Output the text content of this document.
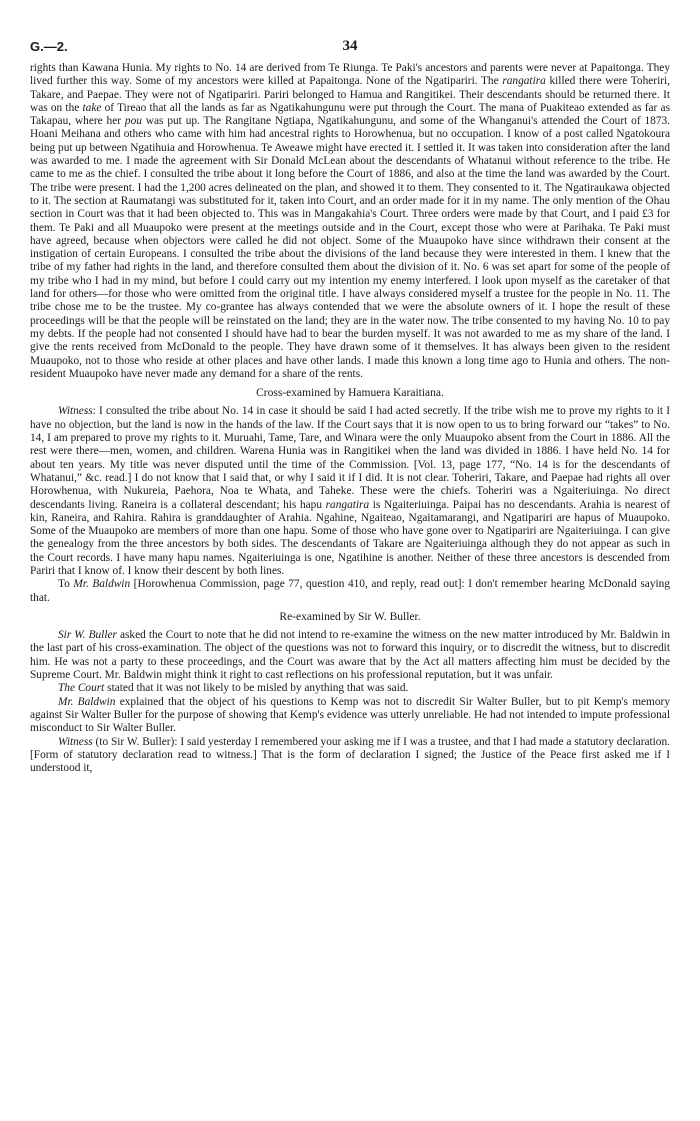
G.—2.	34

rights than Kawana Hunia. My rights to No. 14 are derived from Te Riunga. Te Paki's ancestors and parents were never at Papaitonga. They lived further this way. Some of my ancestors were killed at Papaitonga. None of the Ngatipariri. The rangatira killed there were Toheriri, Takare, and Paepae. They were not of Ngatipariri. Pariri belonged to Hamua and Rangitikei. Their descendants should be returned there. It was on the take of Tireao that all the lands as far as Ngatikahungunu were put through the Court. The mana of Puakiteao extended as far as Takapau, where her pou was put up. The Rangitane Ngtiapa, Ngatikahungunu, and some of the Whanganui's attended the Court of 1873. Hoani Meihana and others who came with him had ancestral rights to Horowhenua, but no occupation. I know of a post called Ngatokoura being put up between Ngatihuia and Horowhenua. Te Aweawe might have erected it. I settled it. It was taken into consideration after the land was awarded to me. I made the agreement with Sir Donald McLean about the descendants of Whatanui without reference to the tribe. He came to me as the chief. I consulted the tribe about it long before the Court of 1886, and also at the time the land was awarded by the Court. The tribe were present. I had the 1,200 acres delineated on the plan, and showed it to them. They consented to it. The Ngatiraukawa objected to it. The section at Raumatangi was substituted for it, taken into Court, and an order made for it in my name. The only mention of the Ohau section in Court was that it had been objected to. This was in Mangakahia's Court. Three orders were made by that Court, and I paid £3 for them. Te Paki and all Muaupoko were present at the meetings outside and in the Court, except those who were at Parihaka. Te Paki must have agreed, because when objectors were called he did not object. Some of the Muaupoko have since withdrawn their consent at the instigation of certain Europeans. I consulted the tribe about the divisions of the land because they were interested in them. I knew that the tribe of my father had rights in the land, and therefore consulted them about the division of it. No. 6 was set apart for some of the people of my tribe who I had in my mind, but before I could carry out my intention my enemy interfered. I look upon myself as the caretaker of that land for others—for those who were omitted from the original title. I have always considered myself a trustee for the people in No. 11. The tribe chose me to be the trustee. My co-grantee has always contended that we were the absolute owners of it. I hope the result of these proceedings will be that the people will be reinstated on the land; they are in the water now. The tribe consented to my having No. 10 to pay my debts. If the people had not consented I should have had to bear the burden myself. It was not awarded to me as my share of the land. I give the rents received from McDonald to the people. They have drawn some of it themselves. It has always been given to the resident Muaupoko, not to those who reside at other places and have other lands. I made this known a long time ago to Hunia and others. The non-resident Muaupoko have never made any demand for a share of the rents.

Cross-examined by Hamuera Karaitiana.

Witness: I consulted the tribe about No. 14 in case it should be said I had acted secretly. If the tribe wish me to prove my rights to it I have no objection, but the land is now in the hands of the law. If the Court says that it is now open to us to bring forward our “takes” to No. 14, I am prepared to prove my rights to it. Muruahi, Tame, Tare, and Winara were the only Muaupoko absent from the Court in 1886. All the rest were there—men, women, and children. Warena Hunia was in Rangitikei when the land was divided in 1886. I have held No. 14 for about ten years. My title was never disputed until the time of the Commission. [Vol. 13, page 177, “No. 14 is for the descendants of Whatanui,” &c. read.] I do not know that I said that, or why I said it if I did. It is not clear. Toheriri, Takare, and Paepae had rights all over Horowhenua, with Nukureia, Paehora, Noa te Whata, and Taheke. These were the chiefs. Toheriri was a Ngaiteriuinga. No direct descendants living. Raneira is a collateral descendant; his hapu rangatira is Ngaiteriuinga. Paipai has no descendants. Arahia is nearest of kin, Raneira, and Rahira. Rahira is granddaughter of Arahia. Ngahine, Ngaiteao, Ngaitamarangi, and Ngatipariri are hapus of Muaupoko. Some of the Muaupoko are members of more than one hapu. Some of those who have gone over to Ngatipariri are Ngaiteriuinga. I can give the genealogy from the three ancestors by both sides. The descendants of Takare are Ngaiteriuinga although they do not appear as such in the Court records. I have many hapu names. Ngaiteriuinga is one, Ngatihine is another. Neither of these three ancestors is descended from Pariri that I know of. I know their descent by both lines.

To Mr. Baldwin [Horowhenua Commission, page 77, question 410, and reply, read out]: I don't remember hearing McDonald saying that.

Re-examined by Sir W. Buller.

Sir W. Buller asked the Court to note that he did not intend to re-examine the witness on the new matter introduced by Mr. Baldwin in the last part of his cross-examination. The object of the questions was not to forward this inquiry, or to discredit the witness, but to discredit him. He was not a party to these proceedings, and the Court was aware that by the Act all matters affecting him must be decided by the Supreme Court. Mr. Baldwin might think it right to cast reflections on his professional reputation, but it was unfair.

The Court stated that it was not likely to be misled by anything that was said.

Mr. Baldwin explained that the object of his questions to Kemp was not to discredit Sir Walter Buller, but to pit Kemp's memory against Sir Walter Buller for the purpose of showing that Kemp's evidence was utterly unreliable. He had not intended to impute professional misconduct to Sir Walter Buller.

Witness (to Sir W. Buller): I said yesterday I remembered your asking me if I was a trustee, and that I had made a statutory declaration. [Form of statutory declaration read to witness.] That is the form of declaration I signed; the Justice of the Peace first asked me if I understood it,
